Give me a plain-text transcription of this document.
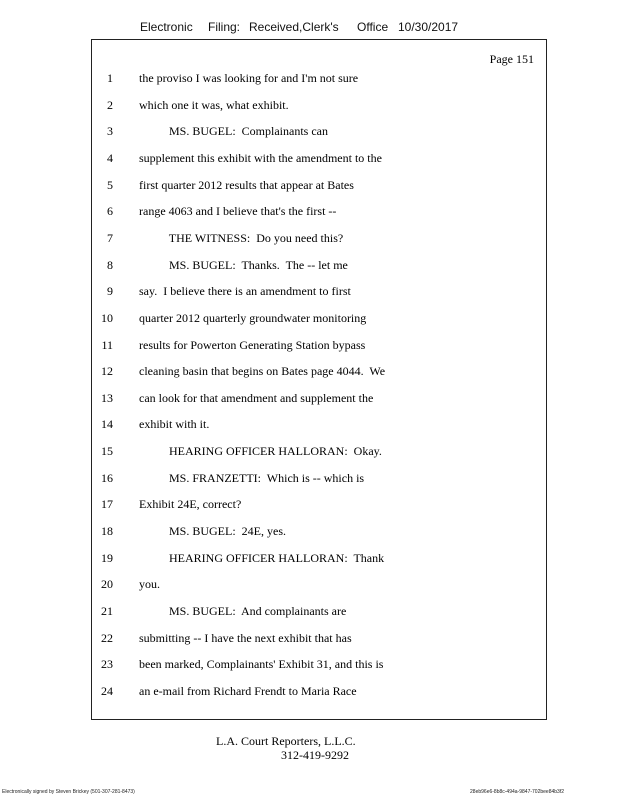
Electronic Filing: Received,Clerk's Office 10/30/2017
Page 151
1 the proviso I was looking for and I'm not sure
2 which one it was, what exhibit.
3 MS. BUGEL:  Complainants can
4 supplement this exhibit with the amendment to the
5 first quarter 2012 results that appear at Bates
6 range 4063 and I believe that's the first --
7 THE WITNESS:  Do you need this?
8 MS. BUGEL:  Thanks.  The -- let me
9 say.  I believe there is an amendment to first
10 quarter 2012 quarterly groundwater monitoring
11 results for Powerton Generating Station bypass
12 cleaning basin that begins on Bates page 4044.  We
13 can look for that amendment and supplement the
14 exhibit with it.
15 HEARING OFFICER HALLORAN:  Okay.
16 MS. FRANZETTI:  Which is -- which is
17 Exhibit 24E, correct?
18 MS. BUGEL:  24E, yes.
19 HEARING OFFICER HALLORAN:  Thank
20 you.
21 MS. BUGEL:  And complainants are
22 submitting -- I have the next exhibit that has
23 been marked, Complainants' Exhibit 31, and this is
24 an e-mail from Richard Frendt to Maria Race
L.A. Court Reporters, L.L.C.
312-419-9292
Electronically signed by Steven Brickey (501-307-281-8473)	28eb96e6-8b8c-494a-9847-702bee84b3f2
